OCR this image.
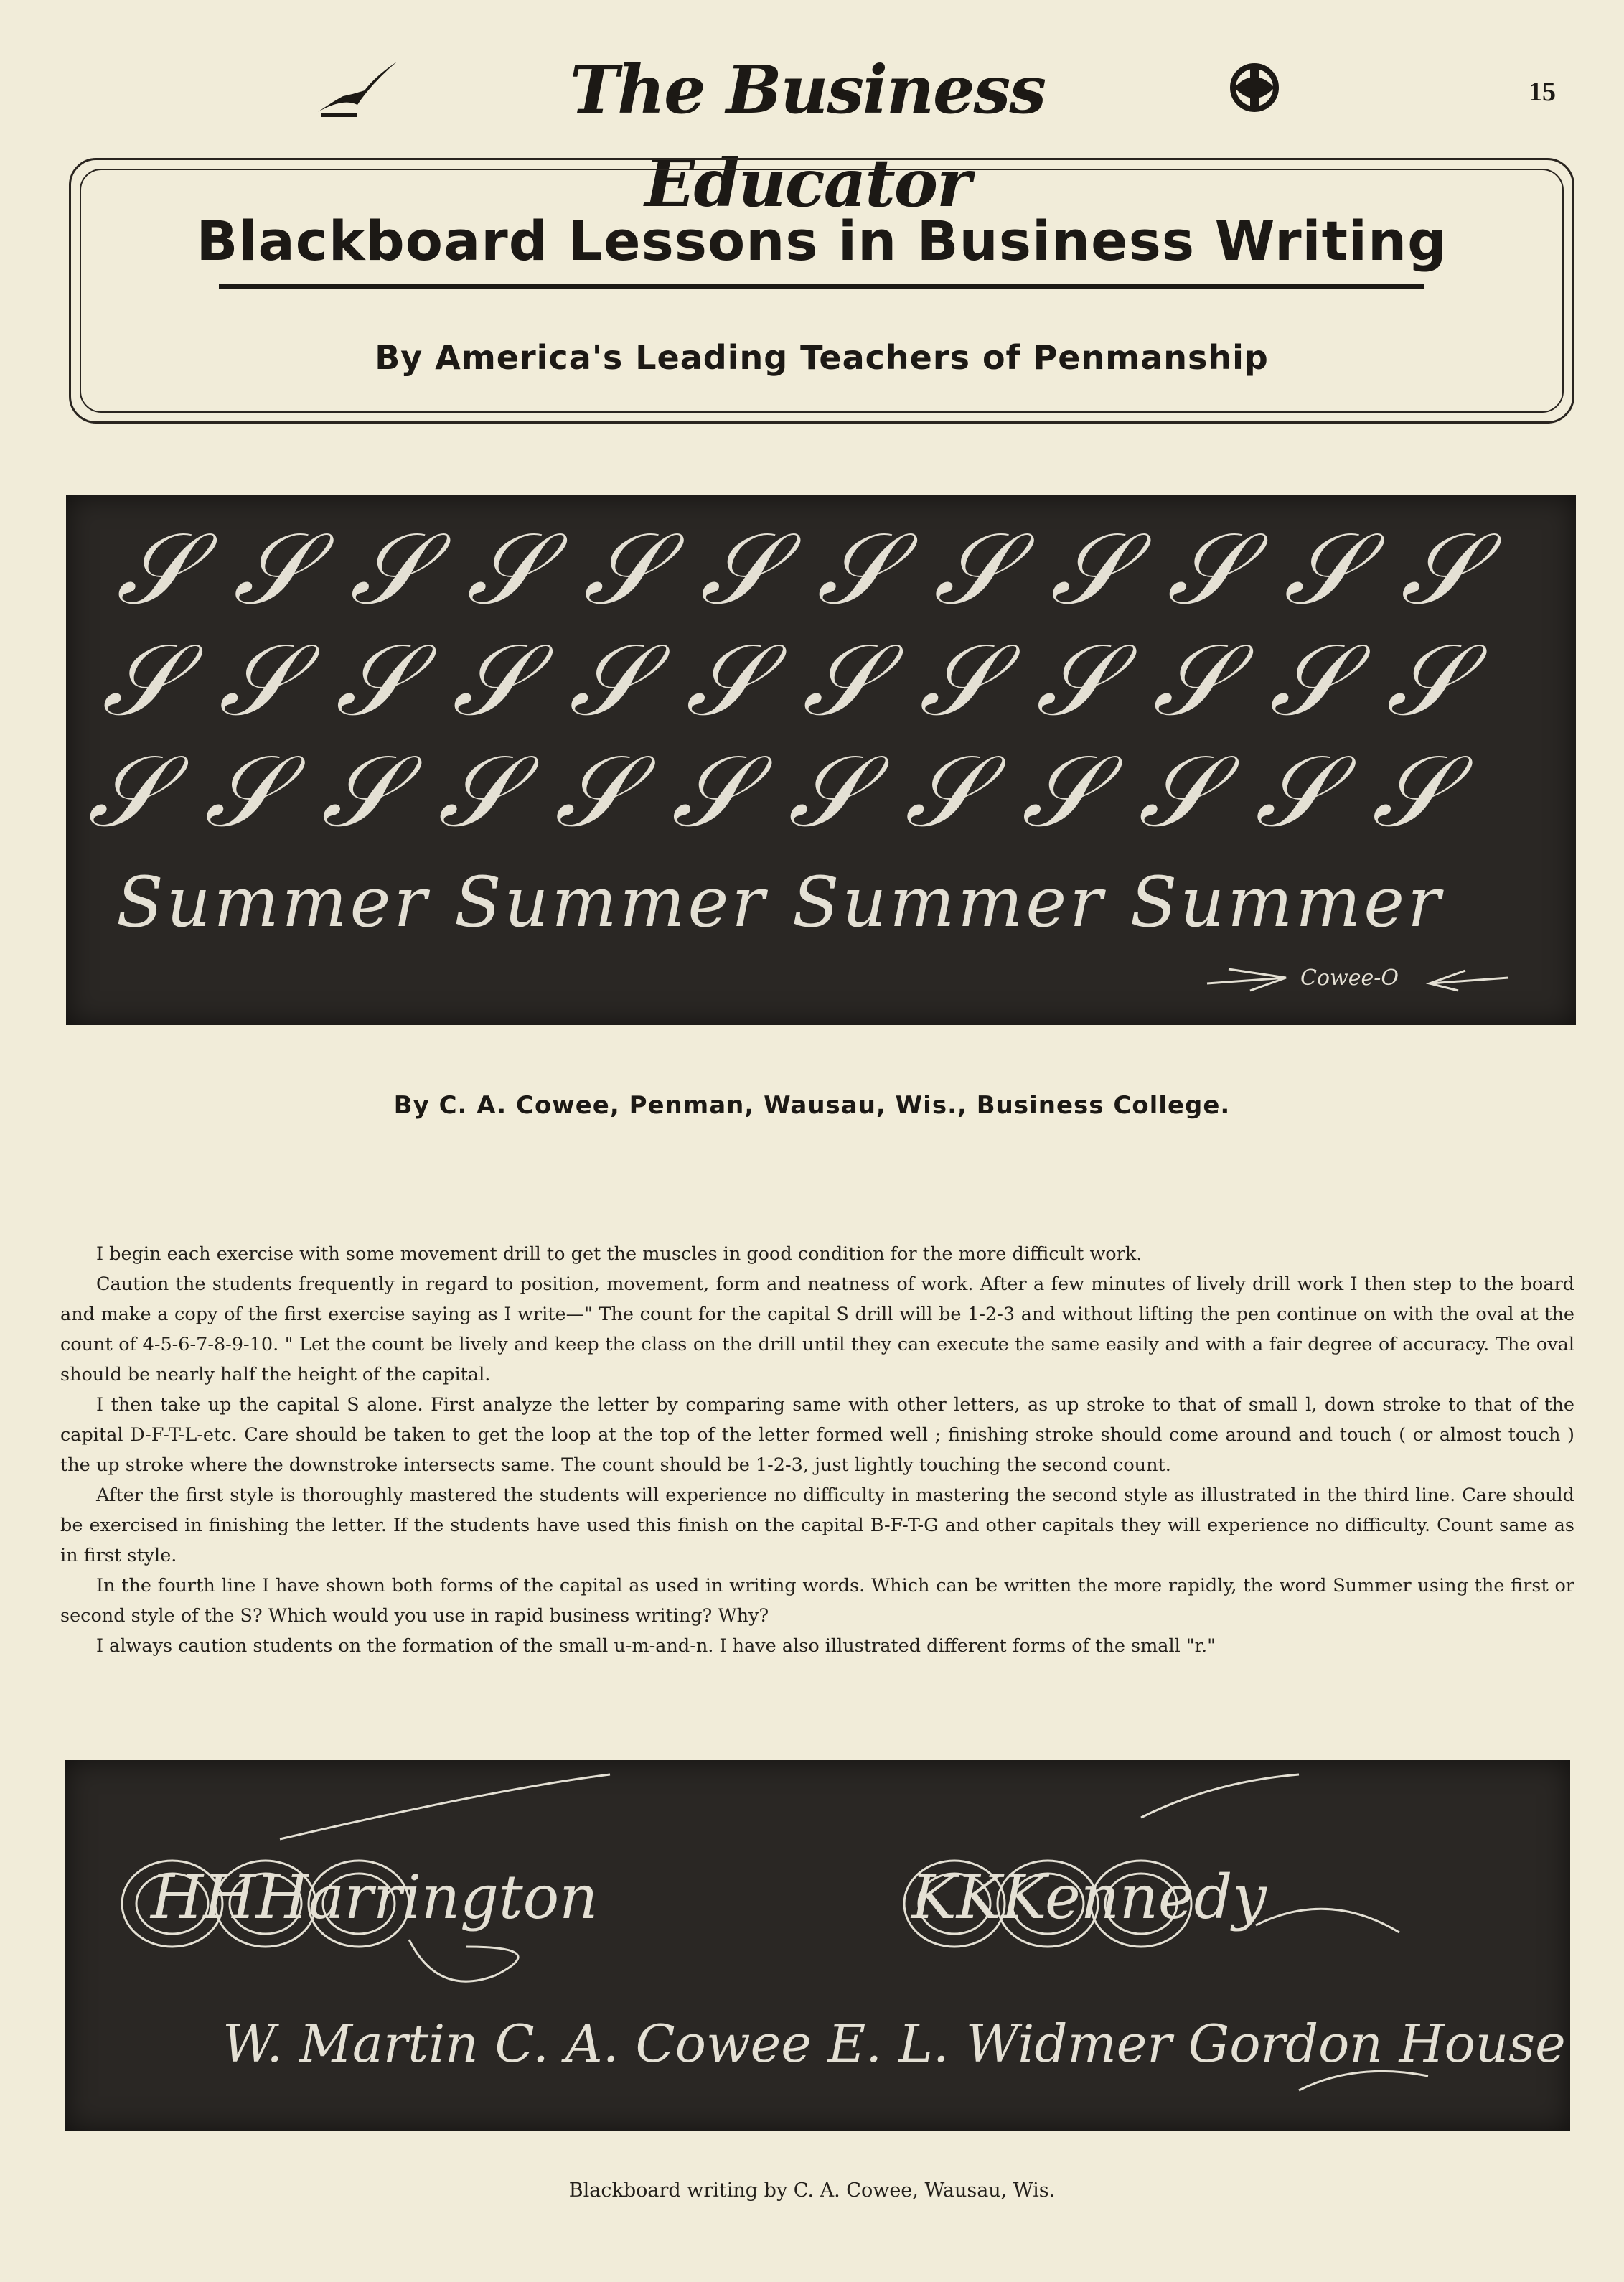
The Business Educator
15
Blackboard Lessons in Business Writing
By America's Leading Teachers of Penmanship
𝒮 𝒮 𝒮 𝒮 𝒮 𝒮 𝒮 𝒮 𝒮 𝒮 𝒮 𝒮
𝒮 𝒮 𝒮 𝒮 𝒮 𝒮 𝒮 𝒮 𝒮 𝒮 𝒮 𝒮
𝒮 𝒮 𝒮 𝒮 𝒮 𝒮 𝒮 𝒮 𝒮 𝒮 𝒮 𝒮
Summer Summer Summer Summer
Cowee-O
By C. A. Cowee, Penman, Wausau, Wis., Business College.

I begin each exercise with some movement drill to get the muscles in good condition for the more difficult work.

Caution the students frequently in regard to position, movement, form and neatness of work. After a few minutes of lively drill work I then step to the board and make a copy of the first exercise saying as I write—" The count for the capital S drill will be 1-2-3 and without lifting the pen continue on with the oval at the count of 4-5-6-7-8-9-10. " Let the count be lively and keep the class on the drill until they can execute the same easily and with a fair degree of accuracy. The oval should be nearly half the height of the capital.

I then take up the capital S alone. First analyze the letter by comparing same with other letters, as up stroke to that of small l, down stroke to that of the capital D-F-T-L-etc. Care should be taken to get the loop at the top of the letter formed well ; finishing stroke should come around and touch ( or almost touch ) the up stroke where the downstroke intersects same. The count should be 1-2-3, just lightly touching the second count.

After the first style is thoroughly mastered the students will experience no difficulty in mastering the second style as illustrated in the third line. Care should be exercised in finishing the letter. If the students have used this finish on the capital B-F-T-G and other capitals they will experience no difficulty. Count same as in first style.

In the fourth line I have shown both forms of the capital as used in writing words. Which can be written the more rapidly, the word Summer using the first or second style of the S? Which would you use in rapid business writing? Why?

I always caution students on the formation of the small u-m-and-n. I have also illustrated different forms of the small "r."

HHHarrington	KKKennedy
W. Martin C. A. Cowee E. L. Widmer Gordon House
Blackboard writing by C. A. Cowee, Wausau, Wis.
